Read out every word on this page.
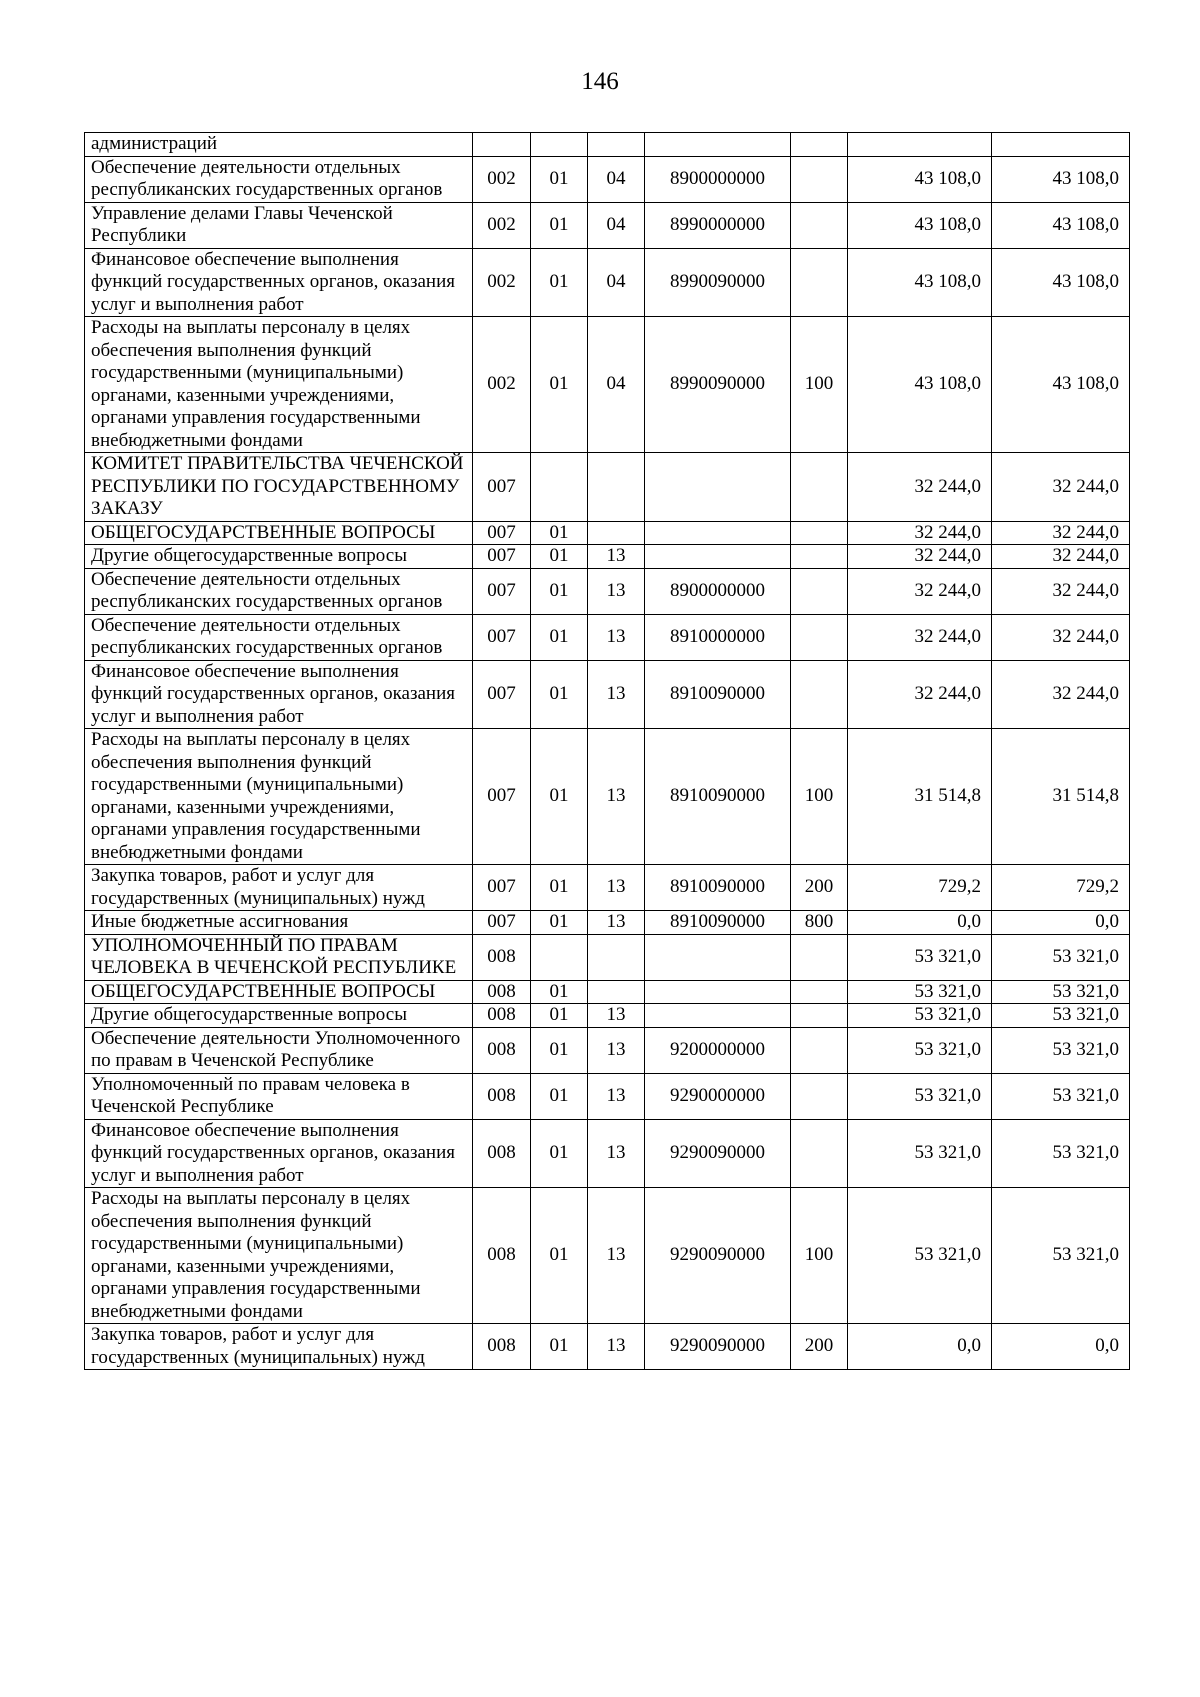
146
администраций							
Обеспечение деятельности отдельных республиканских государственных органов	002	01	04	8900000000		43 108,0	43 108,0
Управление делами Главы Чеченской Республики	002	01	04	8990000000		43 108,0	43 108,0
Финансовое обеспечение выполнения функций государственных органов, оказания услуг и выполнения работ	002	01	04	8990090000		43 108,0	43 108,0
Расходы на выплаты персоналу в целях обеспечения выполнения функций государственными (муниципальными) органами, казенными учреждениями, органами управления государственными внебюджетными фондами	002	01	04	8990090000	100	43 108,0	43 108,0
КОМИТЕТ ПРАВИТЕЛЬСТВА ЧЕЧЕНСКОЙ РЕСПУБЛИКИ ПО ГОСУДАРСТВЕННОМУ ЗАКАЗУ	007					32 244,0	32 244,0
ОБЩЕГОСУДАРСТВЕННЫЕ ВОПРОСЫ	007	01				32 244,0	32 244,0
Другие общегосударственные вопросы	007	01	13			32 244,0	32 244,0
Обеспечение деятельности отдельных республиканских государственных органов	007	01	13	8900000000		32 244,0	32 244,0
Обеспечение деятельности отдельных республиканских государственных органов	007	01	13	8910000000		32 244,0	32 244,0
Финансовое обеспечение выполнения функций государственных органов, оказания услуг и выполнения работ	007	01	13	8910090000		32 244,0	32 244,0
Расходы на выплаты персоналу в целях обеспечения выполнения функций государственными (муниципальными) органами, казенными учреждениями, органами управления государственными внебюджетными фондами	007	01	13	8910090000	100	31 514,8	31 514,8
Закупка товаров, работ и услуг для государственных (муниципальных) нужд	007	01	13	8910090000	200	729,2	729,2
Иные бюджетные ассигнования	007	01	13	8910090000	800	0,0	0,0
УПОЛНОМОЧЕННЫЙ ПО ПРАВАМ ЧЕЛОВЕКА В ЧЕЧЕНСКОЙ РЕСПУБЛИКЕ	008					53 321,0	53 321,0
ОБЩЕГОСУДАРСТВЕННЫЕ ВОПРОСЫ	008	01				53 321,0	53 321,0
Другие общегосударственные вопросы	008	01	13			53 321,0	53 321,0
Обеспечение деятельности Уполномоченного по правам в Чеченской Республике	008	01	13	9200000000		53 321,0	53 321,0
Уполномоченный по правам человека в Чеченской Республике	008	01	13	9290000000		53 321,0	53 321,0
Финансовое обеспечение выполнения функций государственных органов, оказания услуг и выполнения работ	008	01	13	9290090000		53 321,0	53 321,0
Расходы на выплаты персоналу в целях обеспечения выполнения функций государственными (муниципальными) органами, казенными учреждениями, органами управления государственными внебюджетными фондами	008	01	13	9290090000	100	53 321,0	53 321,0
Закупка товаров, работ и услуг для государственных (муниципальных) нужд	008	01	13	9290090000	200	0,0	0,0
